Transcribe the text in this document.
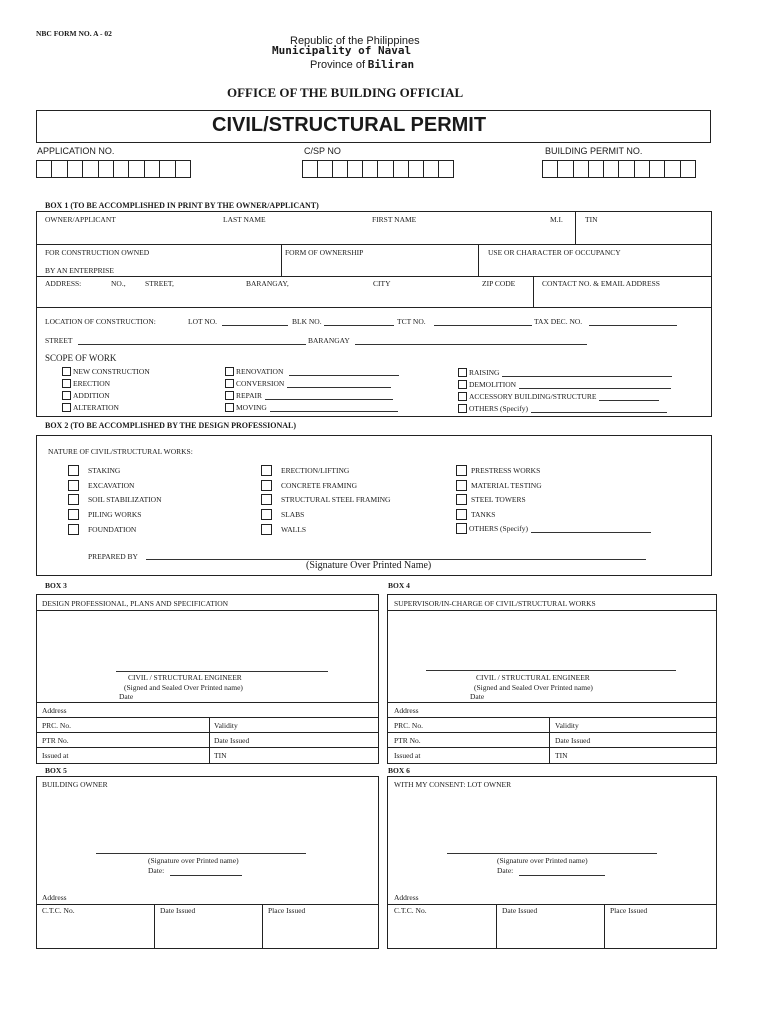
NBC FORM NO. A - 02
Republic of the Philippines
Municipality of Naval
Province of Biliran
OFFICE OF THE BUILDING OFFICIAL
CIVIL/STRUCTURAL PERMIT
APPLICATION NO.	C/SP NO	BUILDING PERMIT NO.
BOX 1 (TO BE ACCOMPLISHED IN PRINT BY THE OWNER/APPLICANT)
OWNER/APPLICANT	LAST NAME	FIRST NAME	M.I.	TIN
FOR CONSTRUCTION OWNED
BY AN ENTERPRISE
FORM OF OWNERSHIP	USE OR CHARACTER OF OCCUPANCY
ADDRESS:	NO.,	STREET,	BARANGAY,	CITY	ZIP CODE	CONTACT NO. & EMAIL ADDRESS
LOCATION OF CONSTRUCTION:	LOT NO.	BLK NO.	TCT NO.	TAX DEC. NO.
STREET	BARANGAY
SCOPE OF WORK
NEW CONSTRUCTION
ERECTION
ADDITION
ALTERATION
RENOVATION
CONVERSION
REPAIR
MOVING
RAISING
DEMOLITION
ACCESSORY BUILDING/STRUCTURE
OTHERS (Specify)
BOX 2 (TO BE ACCOMPLISHED BY THE DESIGN PROFESSIONAL)
NATURE OF CIVIL/STRUCTURAL WORKS:
STAKING
EXCAVATION
SOIL STABILIZATION
PILING WORKS
FOUNDATION
ERECTION/LIFTING
CONCRETE FRAMING
STRUCTURAL STEEL FRAMING
SLABS
WALLS
PRESTRESS WORKS
MATERIAL TESTING
STEEL TOWERS
TANKS
OTHERS (Specify)
PREPARED BY
(Signature Over Printed Name)
BOX 3
DESIGN PROFESSIONAL, PLANS AND SPECIFICATION
CIVIL / STRUCTURAL ENGINEER
(Signed and Sealed Over Printed name)
Date
Address
PRC. No.	Validity
PTR No.	Date Issued
Issued at	TIN
BOX 4
SUPERVISOR/IN-CHARGE OF CIVIL/STRUCTURAL WORKS
CIVIL / STRUCTURAL ENGINEER
(Signed and Sealed Over Printed name)
Date
Address
PRC. No.	Validity
PTR No.	Date Issued
Issued at	TIN
BOX 5
BUILDING OWNER
(Signature over Printed name)
Date:
Address
C.T.C. No.	Date Issued	Place Issued
BOX 6
WITH MY CONSENT: LOT OWNER
(Signature over Printed name)
Date:
Address
C.T.C. No.	Date Issued	Place Issued
